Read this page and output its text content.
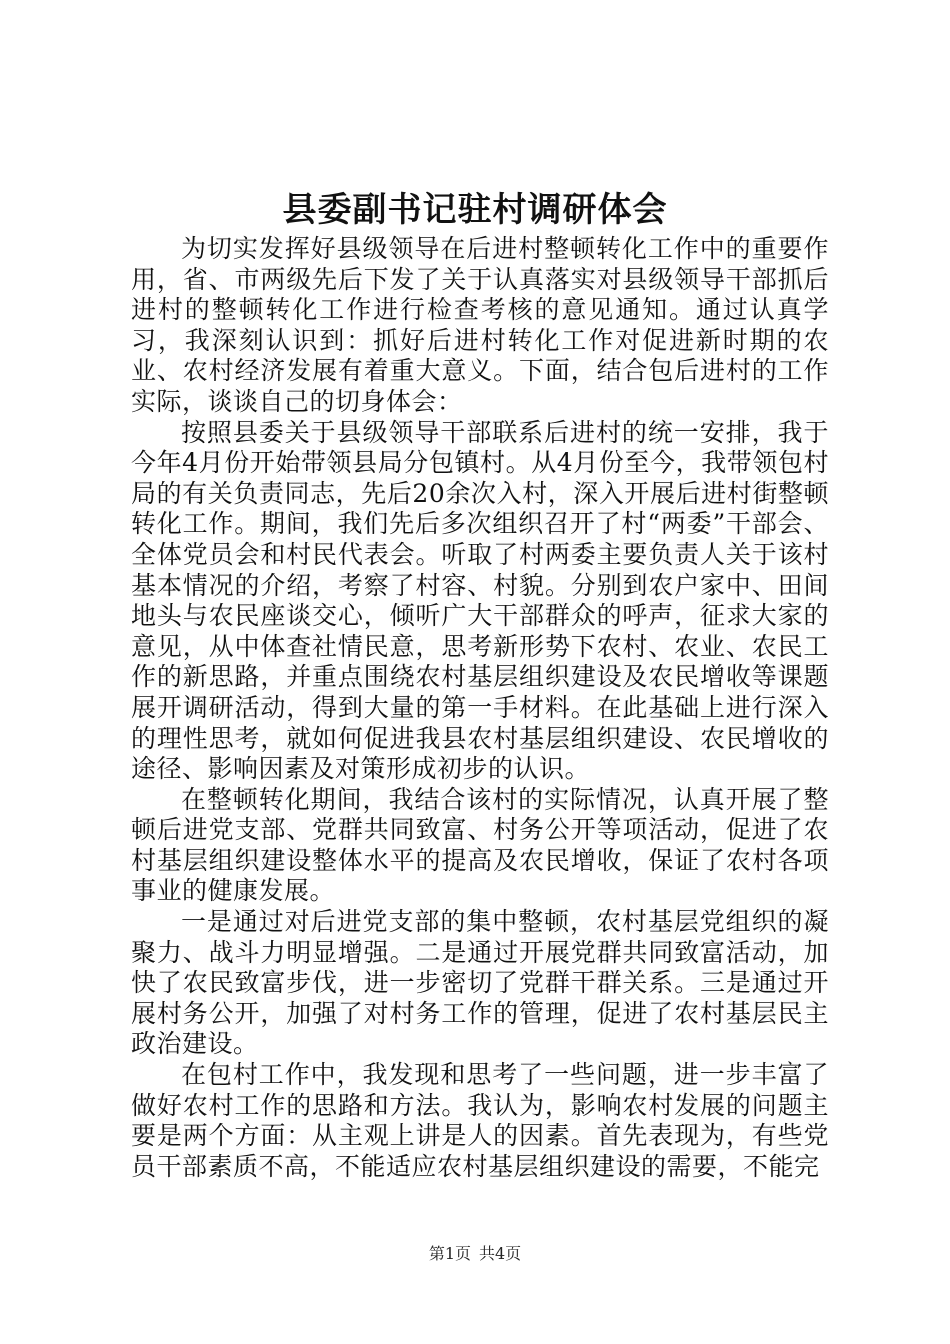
县委副书记驻村调研体会

为切实发挥好县级领导在后进村整顿转化工作中的重要作用，省、市两级先后下发了关于认真落实对县级领导干部抓后进村的整顿转化工作进行检查考核的意见通知。通过认真学习，我深刻认识到：抓好后进村转化工作对促进新时期的农业、农村经济发展有着重大意义。下面，结合包后进村的工作实际，谈谈自己的切身体会：

按照县委关于县级领导干部联系后进村的统一安排，我于今年4月份开始带领县局分包镇村。从4月份至今，我带领包村局的有关负责同志，先后20余次入村，深入开展后进村街整顿转化工作。期间，我们先后多次组织召开了村“两委”干部会、全体党员会和村民代表会。听取了村两委主要负责人关于该村基本情况的介绍，考察了村容、村貌。分别到农户家中、田间地头与农民座谈交心，倾听广大干部群众的呼声，征求大家的意见，从中体查社情民意，思考新形势下农村、农业、农民工作的新思路，并重点围绕农村基层组织建设及农民增收等课题展开调研活动，得到大量的第一手材料。在此基础上进行深入的理性思考，就如何促进我县农村基层组织建设、农民增收的途径、影响因素及对策形成初步的认识。

在整顿转化期间，我结合该村的实际情况，认真开展了整顿后进党支部、党群共同致富、村务公开等项活动，促进了农村基层组织建设整体水平的提高及农民增收，保证了农村各项事业的健康发展。

一是通过对后进党支部的集中整顿，农村基层党组织的凝聚力、战斗力明显增强。二是通过开展党群共同致富活动，加快了农民致富步伐，进一步密切了党群干群关系。三是通过开展村务公开，加强了对村务工作的管理，促进了农村基层民主政治建设。

在包村工作中，我发现和思考了一些问题，进一步丰富了做好农村工作的思路和方法。我认为，影响农村发展的问题主要是两个方面：从主观上讲是人的因素。首先表现为，有些党员干部素质不高，不能适应农村基层组织建设的需要，不能完

第1页 共4页
